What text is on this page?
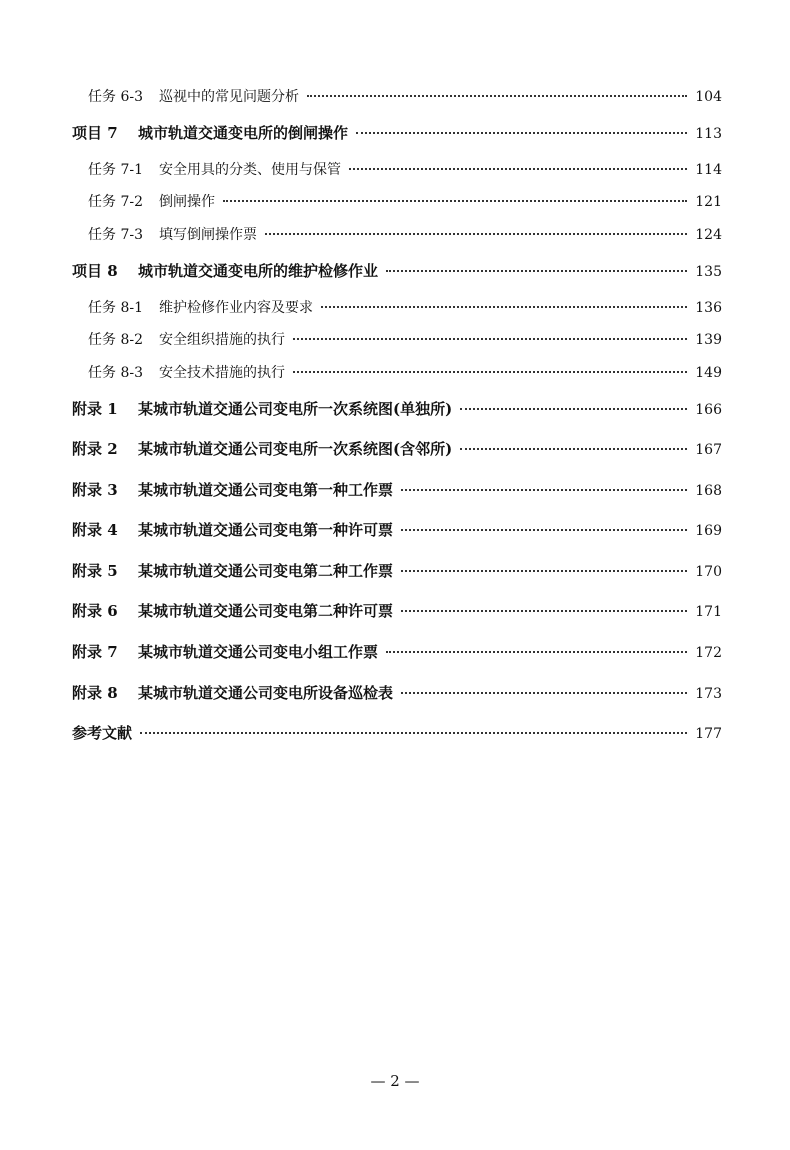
任务 6-3 巡视中的常见问题分析	104
项目 7 城市轨道交通变电所的倒闸操作	113
任务 7-1 安全用具的分类、使用与保管	114
任务 7-2 倒闸操作	121
任务 7-3 填写倒闸操作票	124
项目 8 城市轨道交通变电所的维护检修作业	135
任务 8-1 维护检修作业内容及要求	136
任务 8-2 安全组织措施的执行	139
任务 8-3 安全技术措施的执行	149
附录 1 某城市轨道交通公司变电所一次系统图(单独所)	166
附录 2 某城市轨道交通公司变电所一次系统图(含邻所)	167
附录 3 某城市轨道交通公司变电第一种工作票	168
附录 4 某城市轨道交通公司变电第一种许可票	169
附录 5 某城市轨道交通公司变电第二种工作票	170
附录 6 某城市轨道交通公司变电第二种许可票	171
附录 7 某城市轨道交通公司变电小组工作票	172
附录 8 某城市轨道交通公司变电所设备巡检表	173
参考文献	177
— 2 —
